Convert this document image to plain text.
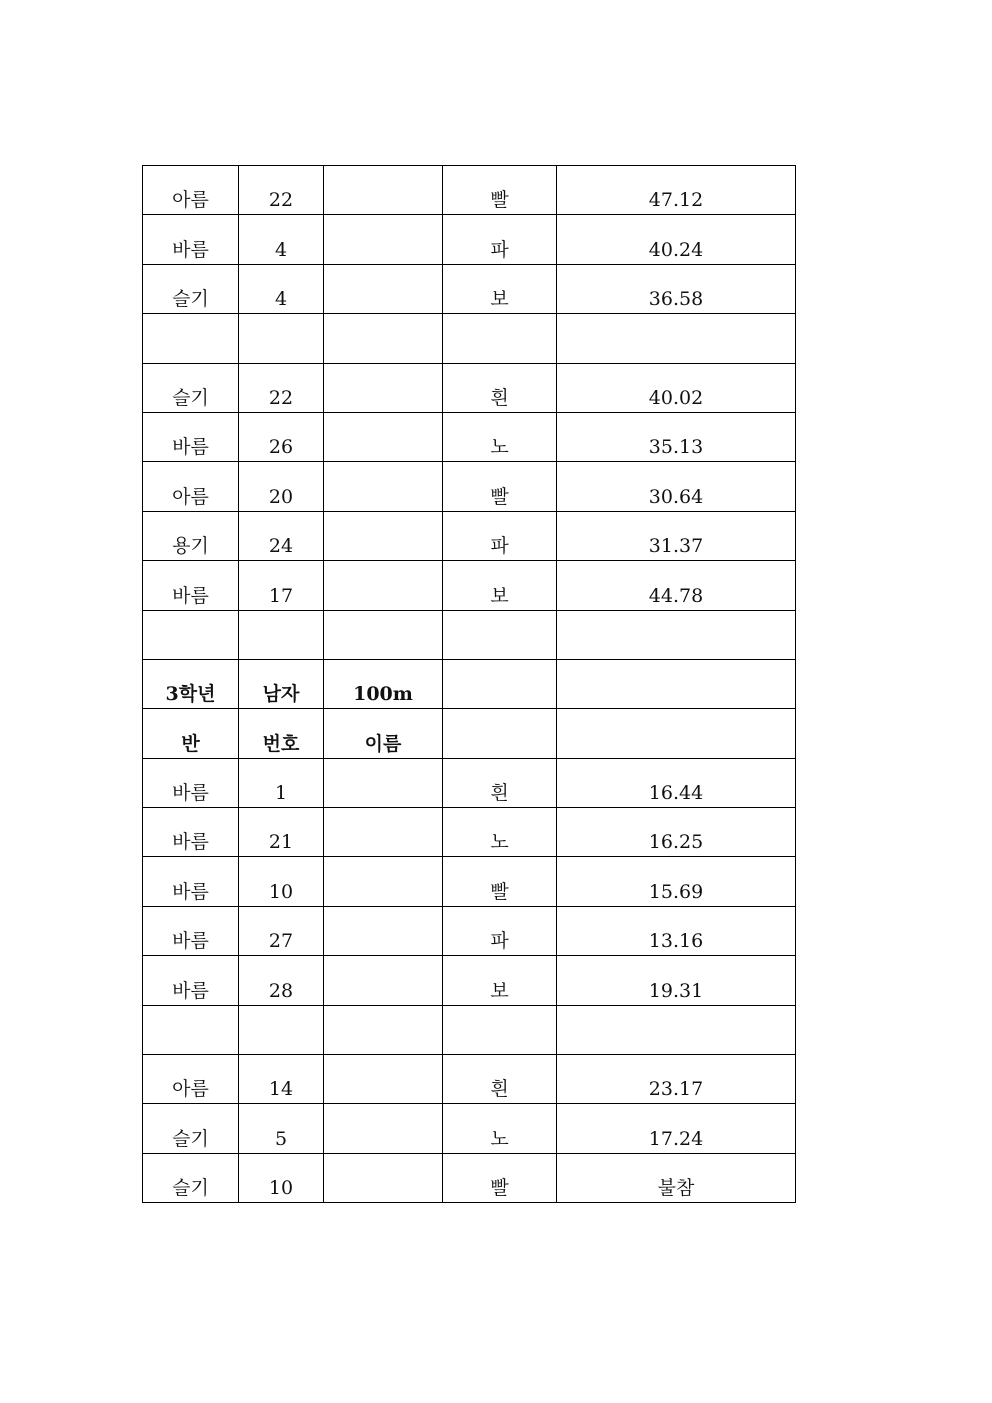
아름	22		빨	47.12
바름	4		파	40.24
슬기	4		보	36.58

슬기	22		흰	40.02
바름	26		노	35.13
아름	20		빨	30.64
용기	24		파	31.37
바름	17		보	44.78

3학년	남자	100m		
반	번호	이름		
바름	1		흰	16.44
바름	21		노	16.25
바름	10		빨	15.69
바름	27		파	13.16
바름	28		보	19.31

아름	14		흰	23.17
슬기	5		노	17.24
슬기	10		빨	불참
